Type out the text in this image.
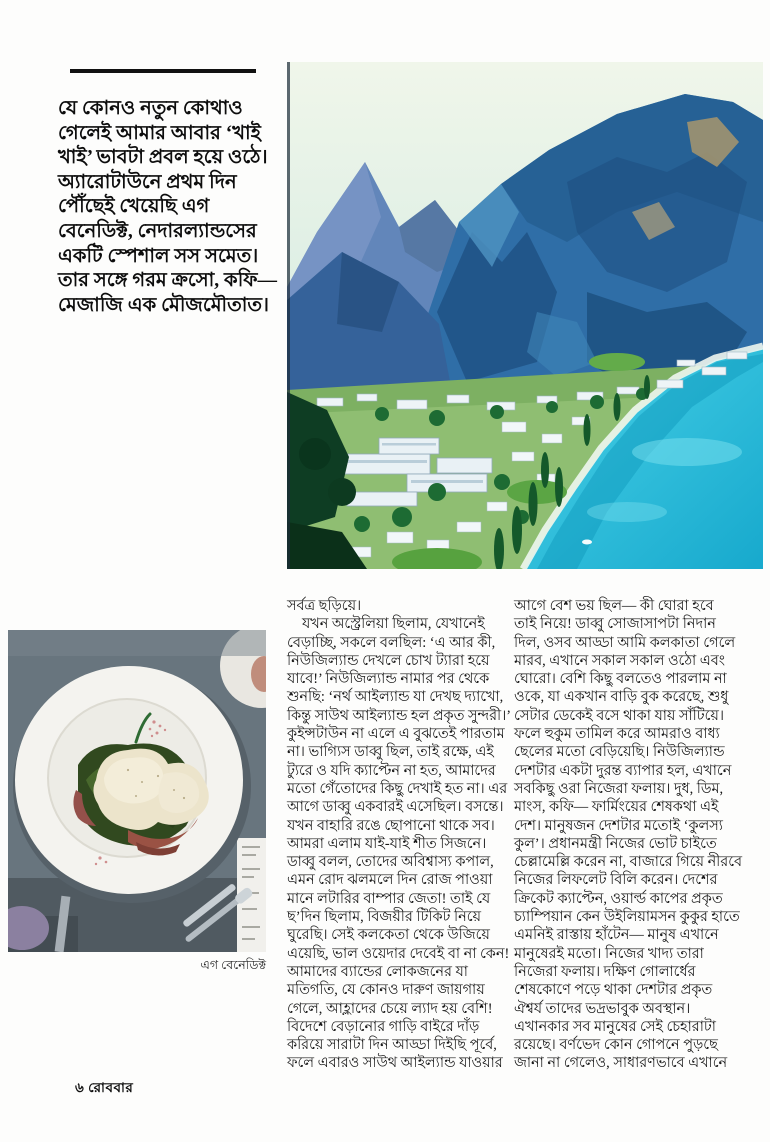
যে কোনও নতুন কোথাও
গেলেই আমার আবার ‘খাই
খাই’ ভাবটা প্রবল হয়ে ওঠে।
অ্যারোটাউনে প্রথম দিন
পৌঁছেই খেয়েছি এগ
বেনেডিক্ট, নেদারল্যান্ডসের
একটি স্পেশাল সস সমেত।
তার সঙ্গে গরম ক্রসো, কফি—
মেজাজি এক মৌজমৌতাত।
সর্বত্র ছড়িয়ে।
যখন অস্ট্রেলিয়া ছিলাম, যেখানেই
বেড়াচ্ছি, সকলে বলছিল: ‘এ আর কী,
নিউজিল্যান্ড দেখলে চোখ ট্যারা হয়ে
যাবে!’ নিউজিল্যান্ড নামার পর থেকে
শুনছি: ‘নর্থ আইল্যান্ড যা দেখছ দ্যাখো,
কিন্তু সাউথ আইল্যান্ড হল প্রকৃত সুন্দরী।’
কুইন্সটাউন না এলে এ বুঝতেই পারতাম
না। ভাগ্যিস ডাব্বু ছিল, তাই রক্ষে, এই
ট্যুরে ও যদি ক্যাপ্টেন না হত, আমাদের
মতো গেঁতোদের কিছু দেখাই হত না। এর
আগে ডাব্বু একবারই এসেছিল। বসন্তে।
যখন বাহারি রঙে ছোপানো থাকে সব।
আমরা এলাম যাই-যাই শীত সিজনে।
ডাব্বু বলল, তোদের অবিশ্বাস্য কপাল,
এমন রোদ ঝলমলে দিন রোজ পাওয়া
মানে লটারির বাম্পার জেতা! তাই যে
ছ’দিন ছিলাম, বিজয়ীর টিকিট নিয়ে
ঘুরেছি। সেই কলকেতা থেকে উজিয়ে
এয়েছি, ভাল ওয়েদার দেবেই বা না কেন!
আমাদের ব্যান্ডের লোকজনের যা
মতিগতি, যে কোনও দারুণ জায়গায়
গেলে, আহ্লাদের চেয়ে ল্যাদ হয় বেশি!
বিদেশে বেড়ানোর গাড়ি বাইরে দাঁড়
করিয়ে সারাটা দিন আড্ডা দিইছি পূর্বে,
ফলে এবারও সাউথ আইল্যান্ড যাওয়ার
আগে বেশ ভয় ছিল— কী ঘোরা হবে
তাই নিয়ে! ডাব্বু সোজাসাপটা নিদান
দিল, ওসব আড্ডা আমি কলকাতা গেলে
মারব, এখানে সকাল সকাল ওঠো এবং
ঘোরো। বেশি কিছু বলতেও পারলাম না
ওকে, যা একখান বাড়ি বুক করেছে, শুধু
সেটার ডেকেই বসে থাকা যায় সাঁটিয়ে।
ফলে হুকুম তামিল করে আমরাও বাধ্য
ছেলের মতো বেড়িয়েছি। নিউজিল্যান্ড
দেশটার একটা দুরন্ত ব্যাপার হল, এখানে
সবকিছু ওরা নিজেরা ফলায়। দুধ, ডিম,
মাংস, কফি— ফার্মিংয়ের শেষকথা এই
দেশ। মানুষজন দেশটার মতোই ‘কুলস্য
কুল’। প্রধানমন্ত্রী নিজের ভোট চাইতে
চেল্লামেল্লি করেন না, বাজারে গিয়ে নীরবে
নিজের লিফলেট বিলি করেন। দেশের
ক্রিকেট ক্যাপ্টেন, ওয়ার্ল্ড কাপের প্রকৃত
চ্যাম্পিয়ান কেন উইলিয়ামসন কুকুর হাতে
এমনিই রাস্তায় হাঁটেন— মানুষ এখানে
মানুষেরই মতো। নিজের খাদ্য তারা
নিজেরা ফলায়। দক্ষিণ গোলার্ধের
শেষকোণে পড়ে থাকা দেশটার প্রকৃত
ঐশ্বর্য তাদের ভদ্রভাবুক অবস্থান।
এখানকার সব মানুষের সেই চেহারাটা
রয়েছে। বর্ণভেদ কোন গোপনে পুড়ছে
জানা না গেলেও, সাধারণভাবে এখানে
এগ বেনেডিক্ট
৬ রোববার
